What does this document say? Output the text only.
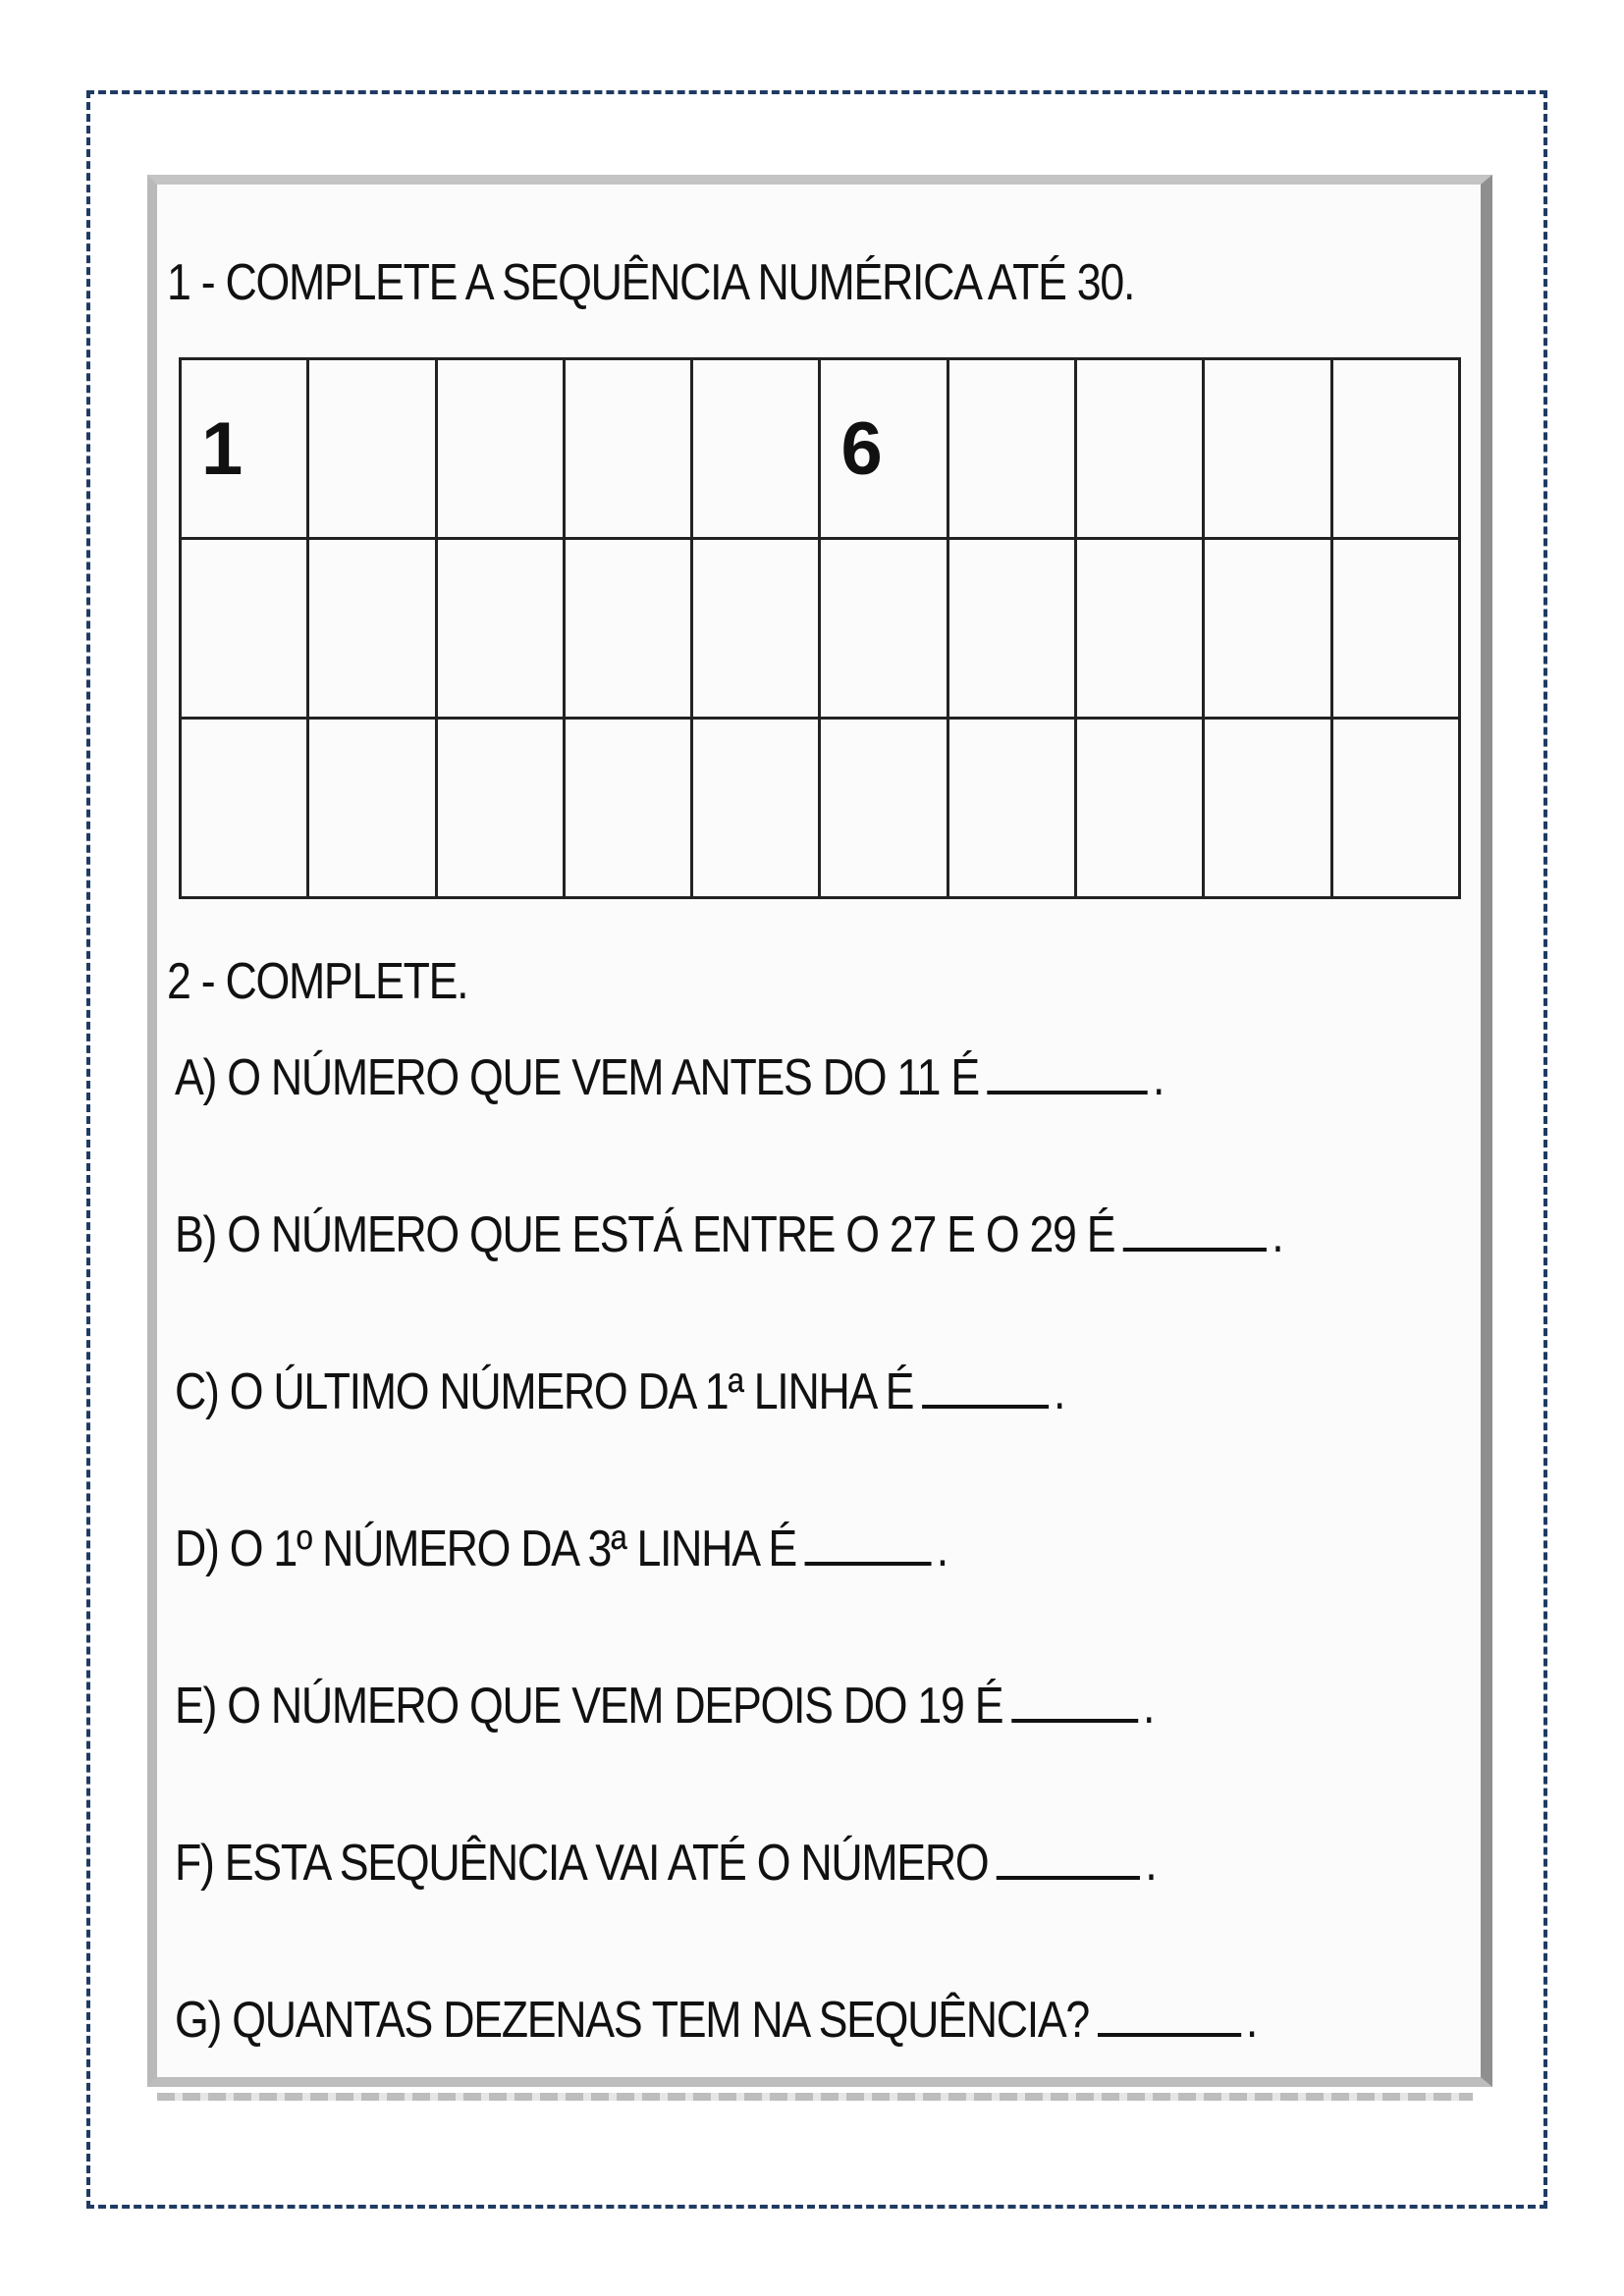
1 - COMPLETE A SEQUÊNCIA NUMÉRICA ATÉ 30.
1					6				

2 - COMPLETE.
A) O NÚMERO QUE VEM ANTES DO 11 É	.
B) O NÚMERO QUE ESTÁ ENTRE O 27 E O 29 É	.
C) O ÚLTIMO NÚMERO DA 1ª LINHA É	.
D) O 1º NÚMERO DA 3ª LINHA É	.
E) O NÚMERO QUE VEM DEPOIS DO 19 É	.
F) ESTA SEQUÊNCIA VAI ATÉ O NÚMERO	.
G) QUANTAS DEZENAS TEM NA SEQUÊNCIA?	.
